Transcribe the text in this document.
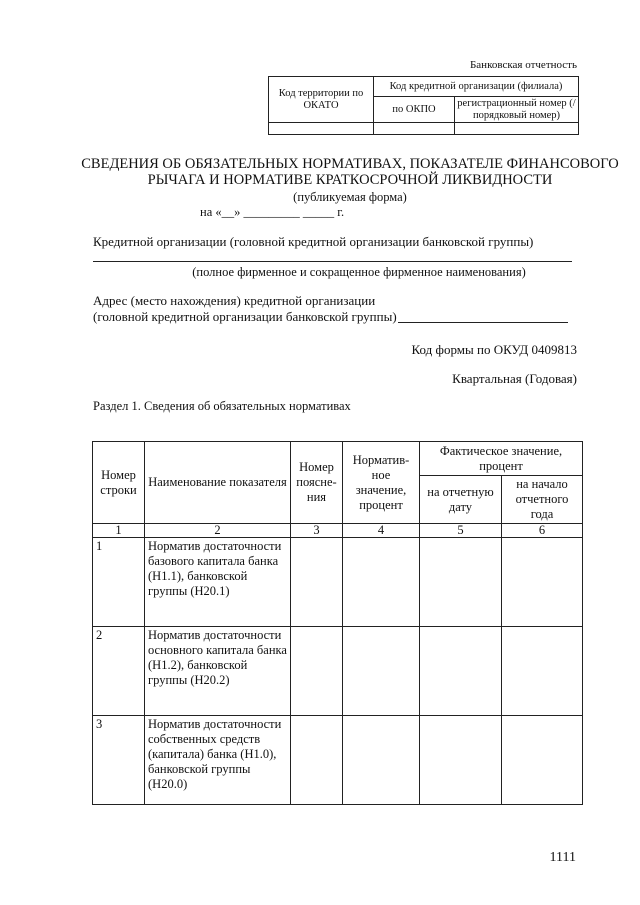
Банковская отчетность
Код территории по ОКАТО	Код кредитной организации (филиала)	
	по ОКПО	регистрационный номер (/порядковый номер)

СВЕДЕНИЯ ОБ ОБЯЗАТЕЛЬНЫХ НОРМАТИВАХ, ПОКАЗАТЕЛЕ ФИНАНСОВОГО
РЫЧАГА И НОРМАТИВЕ КРАТКОСРОЧНОЙ ЛИКВИДНОСТИ
(публикуемая форма)
на «__» _________ _____ г.
Кредитной организации (головной кредитной организации банковской группы)
(полное фирменное и сокращенное фирменное наименования)
Адрес (место нахождения) кредитной организации
(головной кредитной организации банковской группы)
Код формы по ОКУД 0409813
Квартальная (Годовая)
Раздел 1. Сведения об обязательных нормативах
Номер строки	Наименование показателя	Номер поясне-ния	Норматив-ное значение, процент	Фактическое значение, процент	
				на отчетную дату	на начало отчетного года
1	2	3	4	5	6
1	Норматив достаточности базового капитала банка (Н1.1), банковской группы (Н20.1)				
2	Норматив достаточности основного капитала банка (Н1.2), банковской группы (Н20.2)				
3	Норматив достаточности собственных средств (капитала) банка (Н1.0), банковской группы (Н20.0)				
1111
